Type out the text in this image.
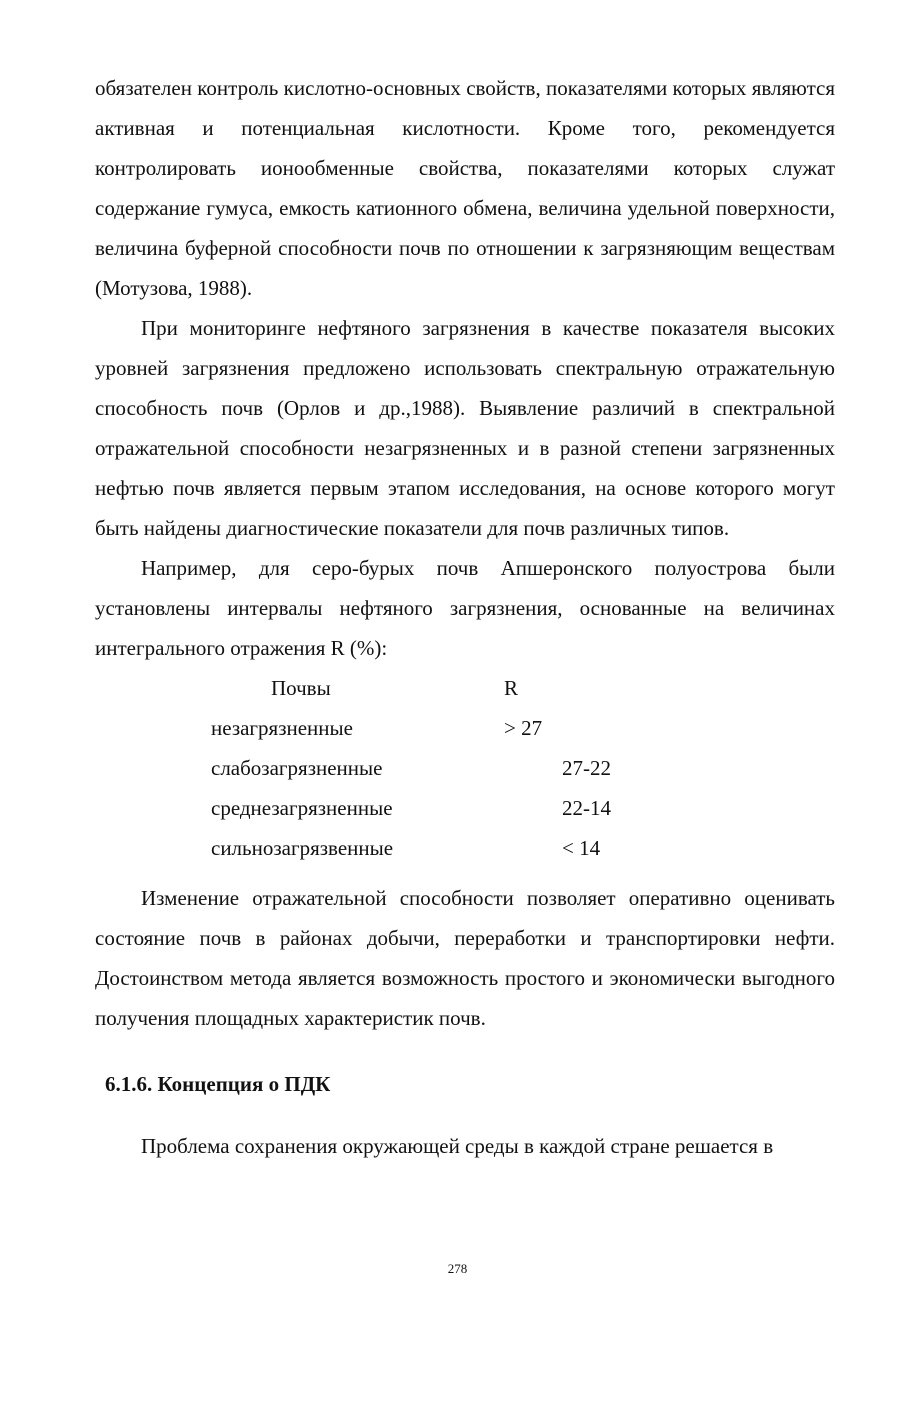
обязателен контроль кислотно-основных свойств, показателями которых являются активная и потенциальная кислотности. Кроме того, рекомендуется контролировать ионообменные свойства, показателями которых служат содержание гумуса, емкость катионного обмена, величина удельной поверхности, величина буферной способности почв по отношении к загрязняющим веществам (Мотузова, 1988).

При мониторинге нефтяного загрязнения в качестве показателя высоких уровней загрязнения предложено использовать спектральную отражательную способность почв (Орлов и др.,1988). Выявление различий в спектральной отражательной способности незагрязненных и в разной степени загрязненных нефтью почв является первым этапом исследования, на основе которого могут быть найдены диагностические показатели для почв различных типов.

Например, для серо-бурых почв Апшеронского полуострова были установлены интервалы нефтяного загрязнения, основанные на величинах интегрального отражения R (%):

Почвы	R
незагрязненные	> 27
слабозагрязненные	27-22
среднезагрязненные	22-14
сильнозагрязвенные	< 14

Изменение отражательной способности позволяет оперативно оценивать состояние почв в районах добычи, переработки и транспортировки нефти. Достоинством метода является возможность простого и экономически выгодного получения площадных характеристик почв.

6.1.6. Концепция о ПДК

Проблема сохранения окружающей среды в каждой стране решается в

278
